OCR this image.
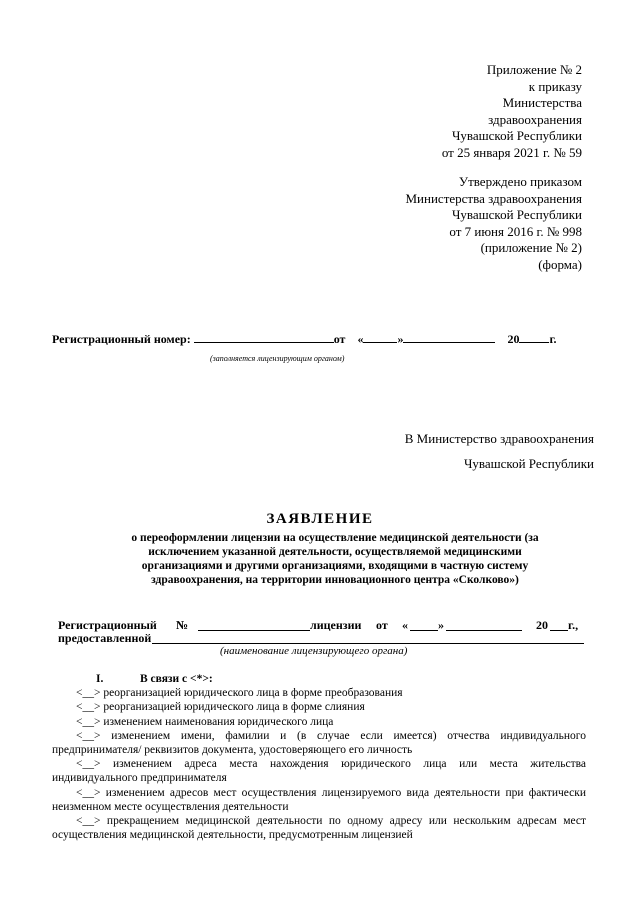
Приложение № 2
к приказу
Министерства
здравоохранения
Чувашской Республики
от 25 января 2021 г. № 59
Утверждено приказом
Министерства здравоохранения
Чувашской Республики
от 7 июня 2016 г. № 998
(приложение № 2)
(форма)
Регистрационный номер:	от «	»	20	г.
(заполняется лицензирующим органом)
В Министерство здравоохранения
Чувашской Республики
ЗАЯВЛЕНИЕ
о переоформлении лицензии на осуществление медицинской деятельности (за исключением указанной деятельности, осуществляемой медицинскими организациями и другими организациями, входящими в частную систему здравоохранения, на территории инновационного центра «Сколково»)
Регистрационный №	лицензии от «	»	20 г.,
предоставленной
(наименование лицензирующего органа)
I.	В связи с <*>:
<__> реорганизацией юридического лица в форме преобразования
<__> реорганизацией юридического лица в форме слияния
<__> изменением наименования юридического лица
<__> изменением имени, фамилии и (в случае если имеется) отчества индивидуального предпринимателя/ реквизитов документа, удостоверяющего его личность
<__> изменением адреса места нахождения юридического лица или места жительства индивидуального предпринимателя
<__> изменением адресов мест осуществления лицензируемого вида деятельности при фактически неизменном месте осуществления деятельности
<__> прекращением медицинской деятельности по одному адресу или нескольким адресам мест осуществления медицинской деятельности, предусмотренным лицензией
